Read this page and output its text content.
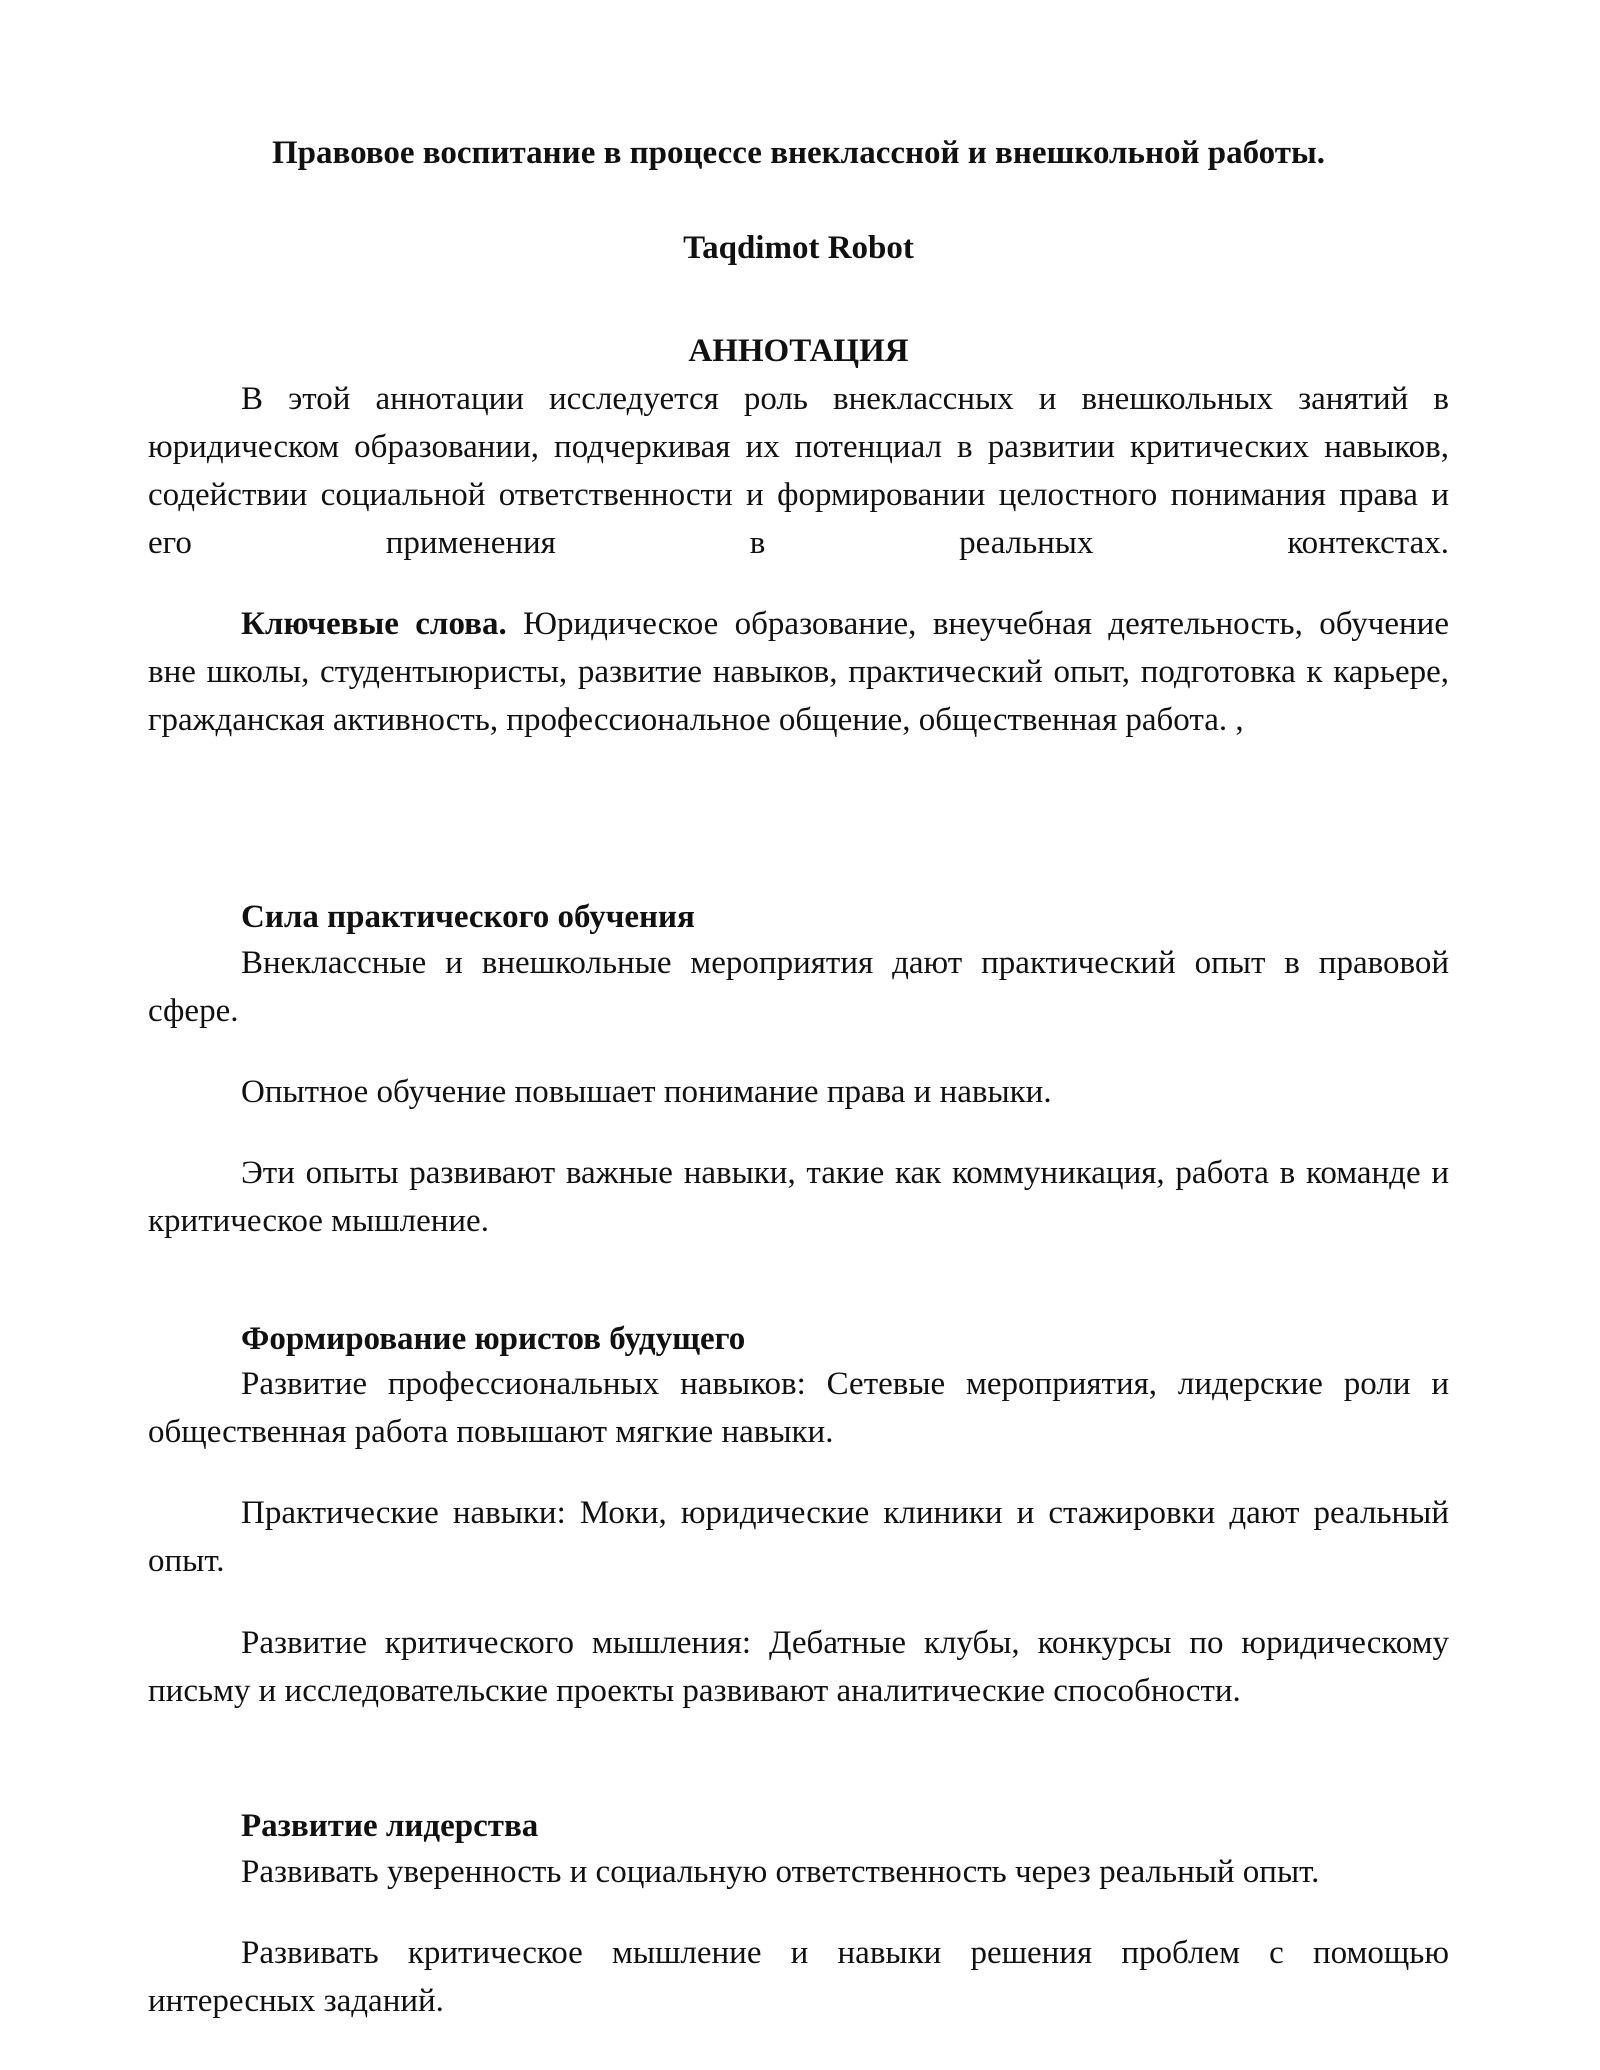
Правовое воспитание в процессе внеклассной и внешкольной работы.
Taqdimot Robot
АННОТАЦИЯ

В этой аннотации исследуется роль внеклассных и внешкольных занятий в юридическом образовании, подчеркивая их потенциал в развитии критических навыков, содействии социальной ответственности и формировании целостного понимания права и его применения в реальных контекстах.

Ключевые слова. Юридическое образование, внеучебная деятельность, обучение вне школы, студентыюристы, развитие навыков, практический опыт, подготовка к карьере, гражданская активность, профессиональное общение, общественная работа. ,

Сила практического обучения

Внеклассные и внешкольные мероприятия дают практический опыт в правовой сфере.

Опытное обучение повышает понимание права и навыки.

Эти опыты развивают важные навыки, такие как коммуникация, работа в команде и критическое мышление.

Формирование юристов будущего

Развитие профессиональных навыков: Сетевые мероприятия, лидерские роли и общественная работа повышают мягкие навыки.

Практические навыки: Моки, юридические клиники и стажировки дают реальный опыт.

Развитие критического мышления: Дебатные клубы, конкурсы по юридическому письму и исследовательские проекты развивают аналитические способности.

Развитие лидерства

Развивать уверенность и социальную ответственность через реальный опыт.

Развивать критическое мышление и навыки решения проблем с помощью интересных заданий.
